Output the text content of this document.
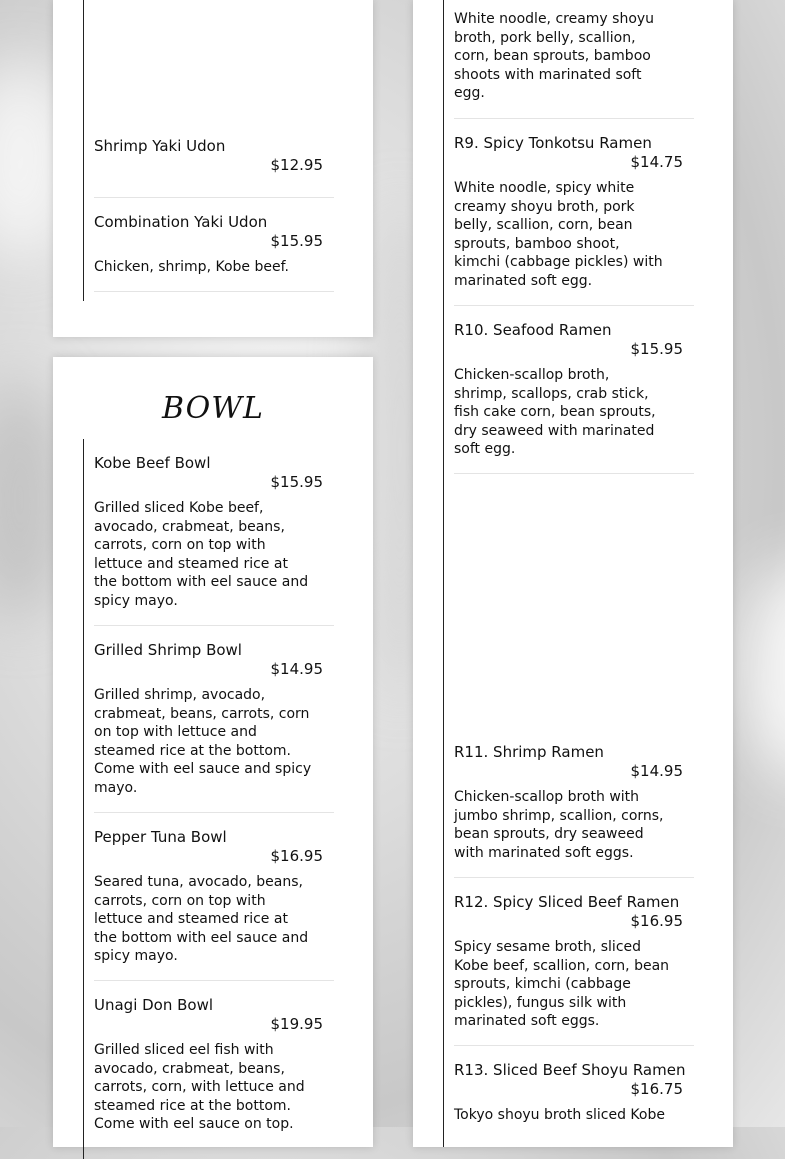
Shrimp Yaki Udon
$12.95
Combination Yaki Udon
$15.95
Chicken, shrimp, Kobe beef.
BOWL
Kobe Beef Bowl
$15.95
Grilled sliced Kobe beef,
avocado, crabmeat, beans,
carrots, corn on top with
lettuce and steamed rice at
the bottom with eel sauce and
spicy mayo.
Grilled Shrimp Bowl
$14.95
Grilled shrimp, avocado,
crabmeat, beans, carrots, corn
on top with lettuce and
steamed rice at the bottom.
Come with eel sauce and spicy
mayo.
Pepper Tuna Bowl
$16.95
Seared tuna, avocado, beans,
carrots, corn on top with
lettuce and steamed rice at
the bottom with eel sauce and
spicy mayo.
Unagi Don Bowl
$19.95
Grilled sliced eel fish with
avocado, crabmeat, beans,
carrots, corn, with lettuce and
steamed rice at the bottom.
Come with eel sauce on top.
White noodle, creamy shoyu
broth, pork belly, scallion,
corn, bean sprouts, bamboo
shoots with marinated soft
egg.
R9. Spicy Tonkotsu Ramen
$14.75
White noodle, spicy white
creamy shoyu broth, pork
belly, scallion, corn, bean
sprouts, bamboo shoot,
kimchi (cabbage pickles) with
marinated soft egg.
R10. Seafood Ramen
$15.95
Chicken-scallop broth,
shrimp, scallops, crab stick,
fish cake corn, bean sprouts,
dry seaweed with marinated
soft egg.
R11. Shrimp Ramen
$14.95
Chicken-scallop broth with
jumbo shrimp, scallion, corns,
bean sprouts, dry seaweed
with marinated soft eggs.
R12. Spicy Sliced Beef Ramen
$16.95
Spicy sesame broth, sliced
Kobe beef, scallion, corn, bean
sprouts, kimchi (cabbage
pickles), fungus silk with
marinated soft eggs.
R13. Sliced Beef Shoyu Ramen
$16.75
Tokyo shoyu broth sliced Kobe
